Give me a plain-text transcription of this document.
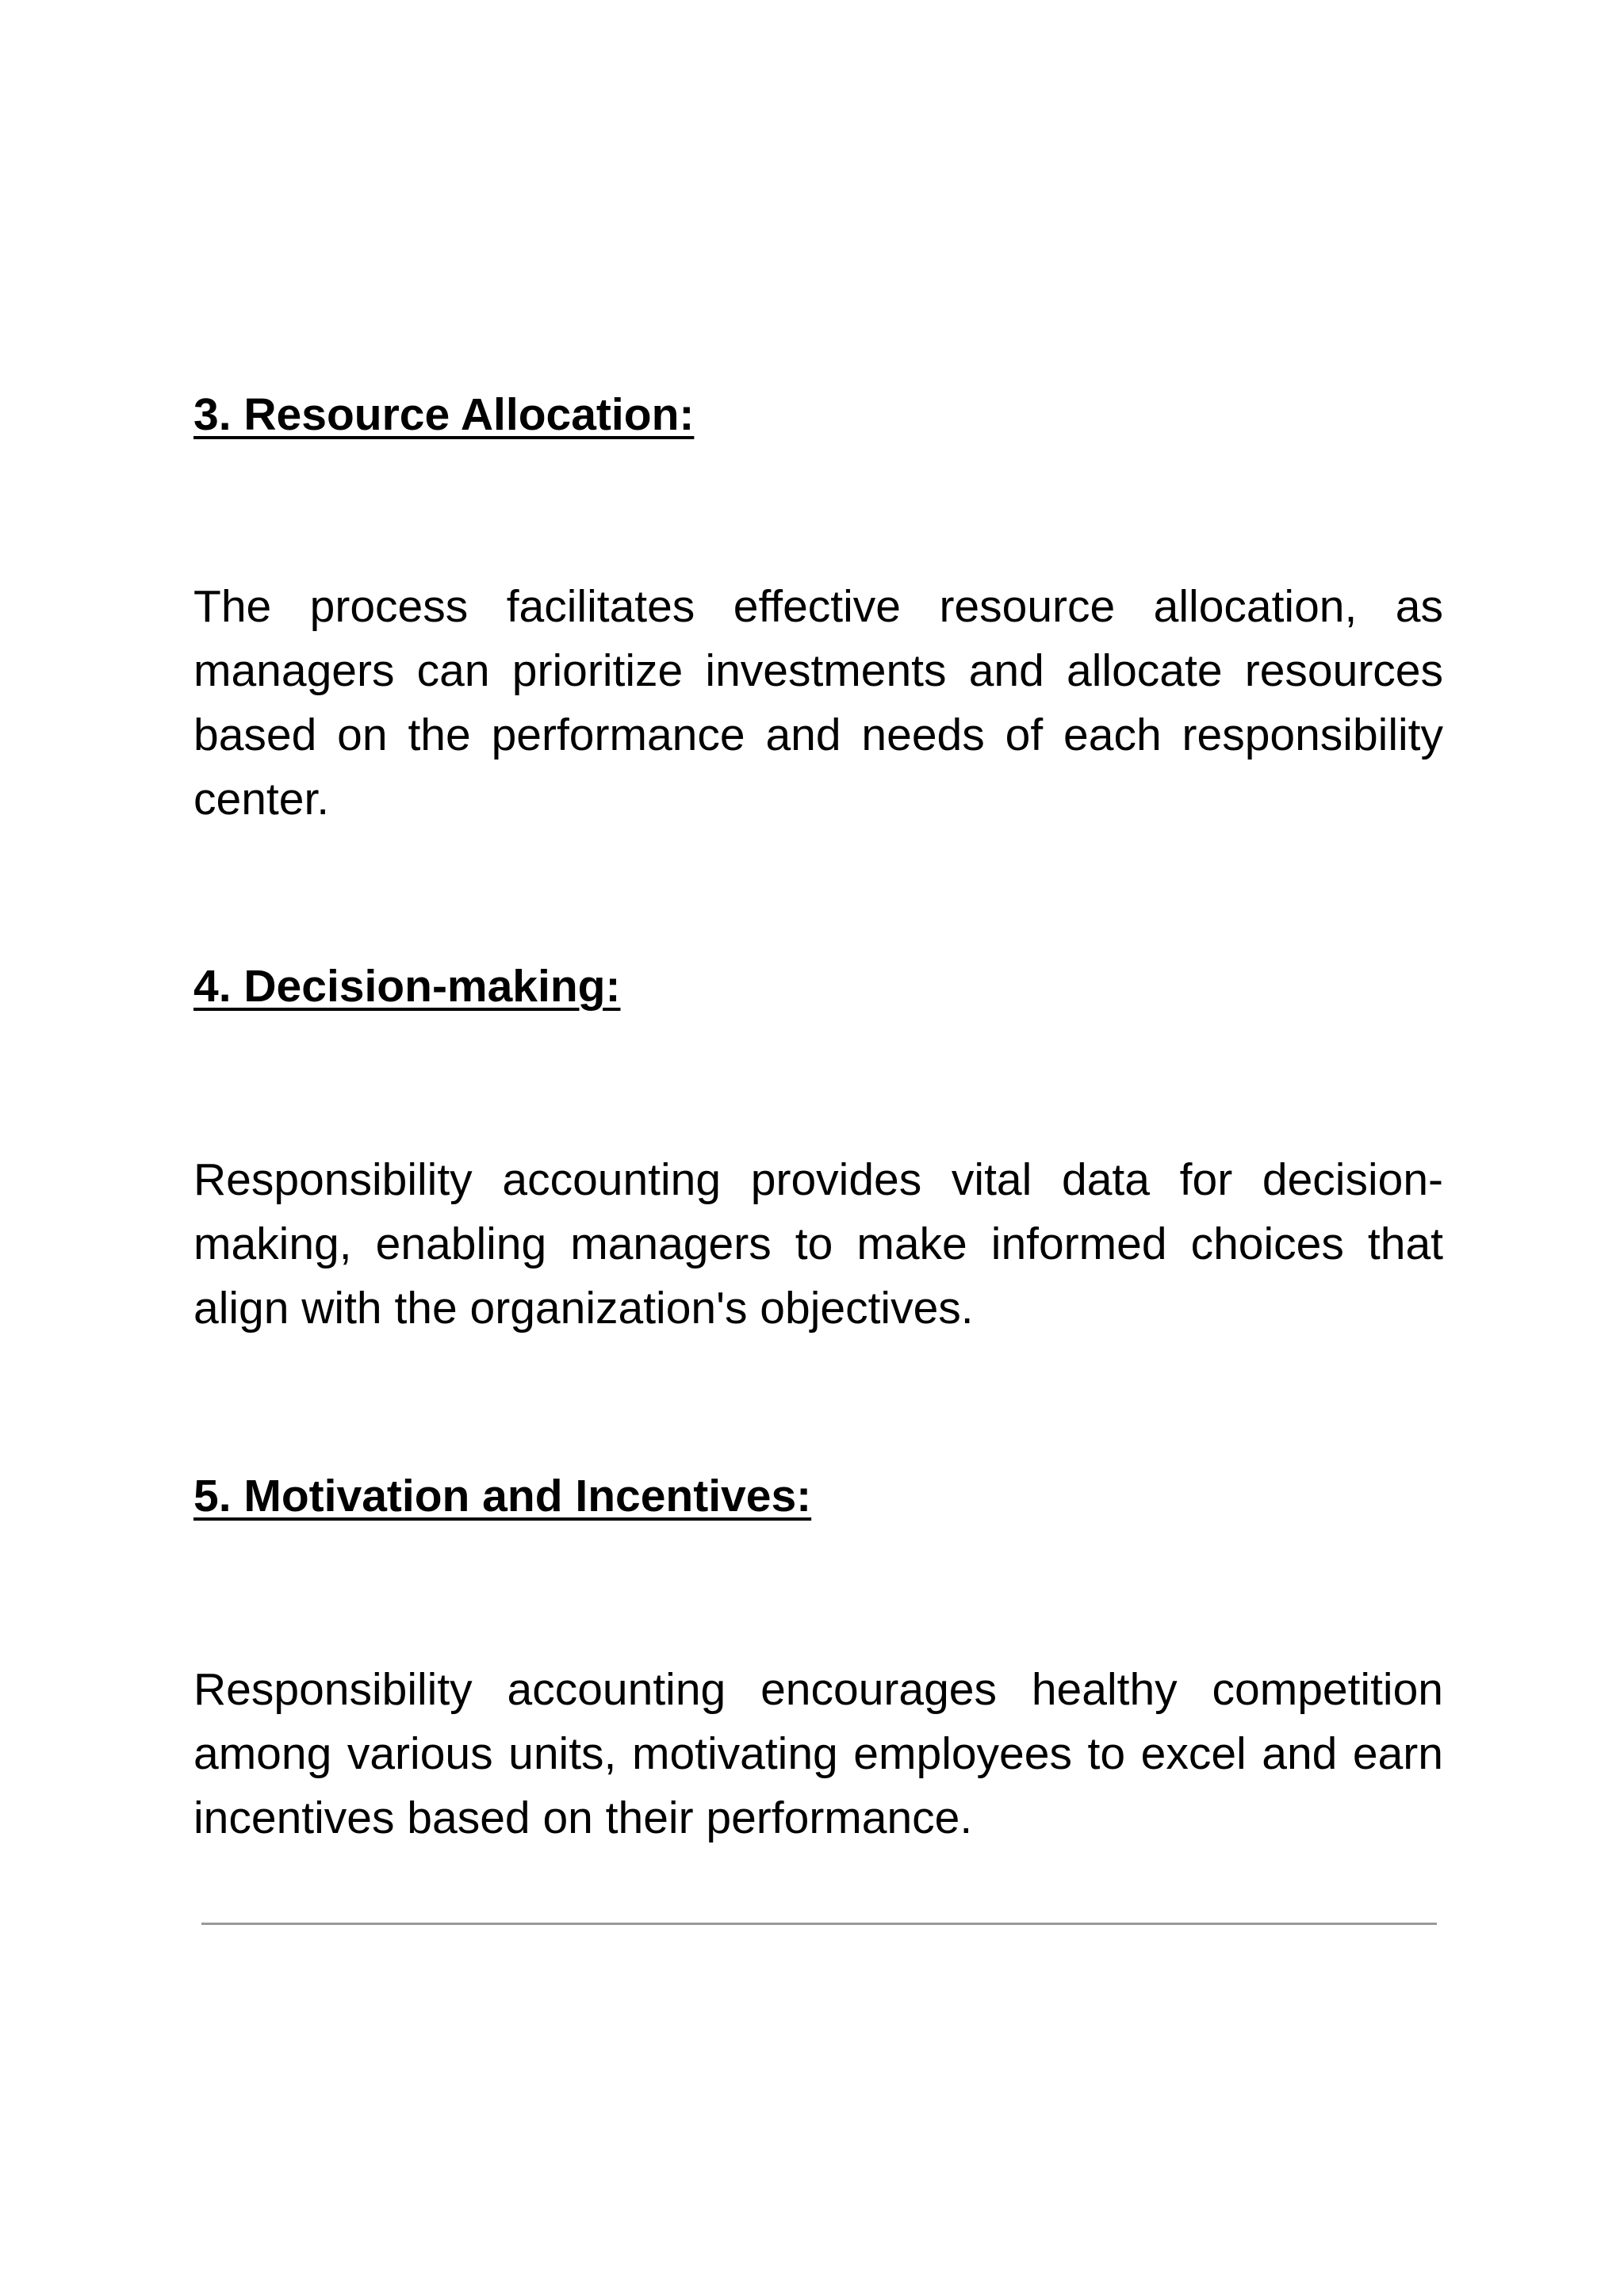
3. Resource Allocation:

The process facilitates effective resource allocation, as managers can prioritize investments and allocate resources based on the performance and needs of each responsibility center.

4. Decision-making:

Responsibility accounting provides vital data for decision-making, enabling managers to make informed choices that align with the organization's objectives.

5. Motivation and Incentives:

Responsibility accounting encourages healthy competition among various units, motivating employees to excel and earn incentives based on their performance.
